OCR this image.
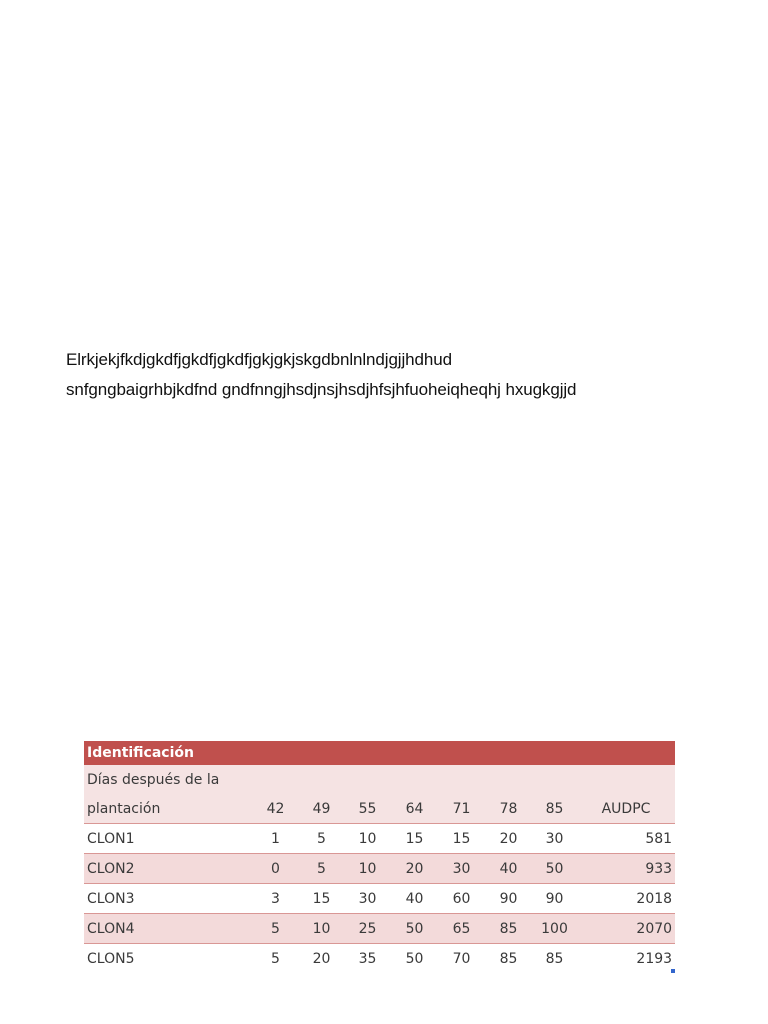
Elrkjekjfkdjgkdfjgkdfjgkdfjgkjgkjskgdbnlnlndjgjjhdhud
snfgngbaigrhbjkdfnd gndfnngjhsdjnsjhsdjhfsjhfuoheiqheqhj hxugkgjjd
Identificación								
Días después de la								
plantación	42	49	55	64	71	78	85	AUDPC
CLON1	1	5	10	15	15	20	30	581
CLON2	0	5	10	20	30	40	50	933
CLON3	3	15	30	40	60	90	90	2018
CLON4	5	10	25	50	65	85	100	2070
CLON5	5	20	35	50	70	85	85	2193
